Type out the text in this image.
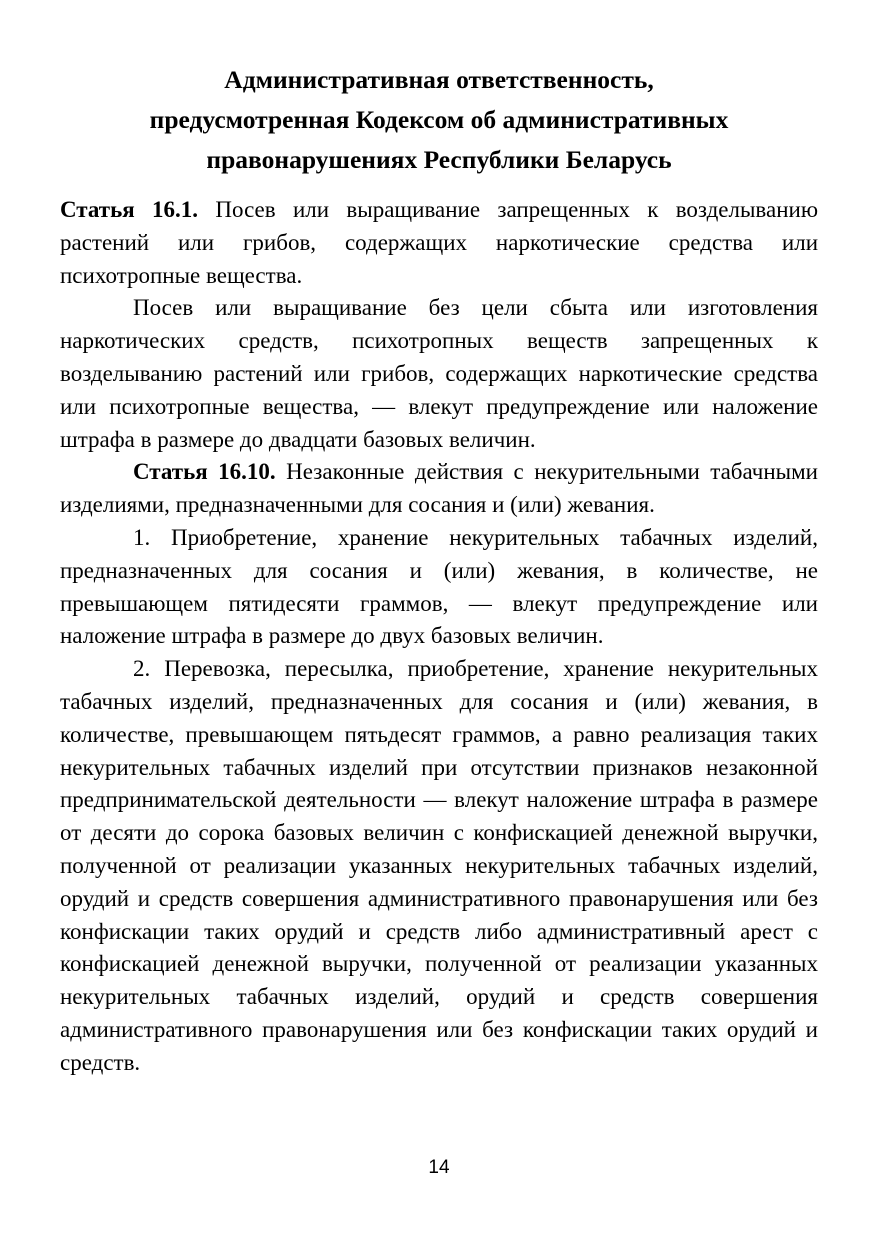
Административная ответственность,
предусмотренная Кодексом об административных
правонарушениях Республики Беларусь

Статья 16.1. Посев или выращивание запрещенных к возделыванию растений или грибов, содержащих наркотические средства или психотропные вещества.

Посев или выращивание без цели сбыта или изготовления наркотических средств, психотропных веществ запрещенных к возделыванию растений или грибов, содержащих наркотические средства или психотропные вещества, — влекут предупреждение или наложение штрафа в размере до двадцати базовых величин.

Статья 16.10. Незаконные действия с некурительными табачными изделиями, предназначенными для сосания и (или) жевания.

1. Приобретение, хранение некурительных табачных изделий, предназначенных для сосания и (или) жевания, в количестве, не превышающем пятидесяти граммов, — влекут предупреждение или наложение штрафа в размере до двух базовых величин.

2. Перевозка, пересылка, приобретение, хранение некурительных табачных изделий, предназначенных для сосания и (или) жевания, в количестве, превышающем пятьдесят граммов, а равно реализация таких некурительных табачных изделий при отсутствии признаков незаконной предпринимательской деятельности — влекут наложение штрафа в размере от десяти до сорока базовых величин с конфискацией денежной выручки, полученной от реализации указанных некурительных табачных изделий, орудий и средств совершения административного правонарушения или без конфискации таких орудий и средств либо административный арест с конфискацией денежной выручки, полученной от реализации указанных некурительных табачных изделий, орудий и средств совершения административного правонарушения или без конфискации таких орудий и средств.

14
